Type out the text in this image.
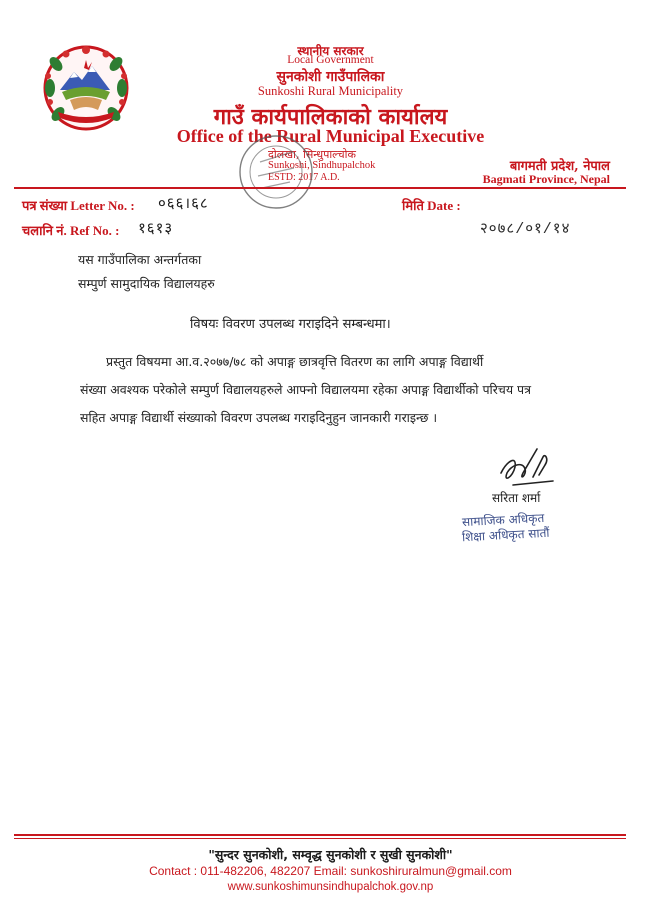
स्थानीय सरकार
Local Government
सुनकोशी गाउँपालिका
Sunkoshi Rural Municipality
गाउँ कार्यपालिकाको कार्यालय
Office of the Rural Municipal Executive
दोलखा, सिन्धुपाल्चोक
Sunkoshi, Sindhupalchok
ESTD: 2017 A.D.
बागमती प्रदेश, नेपाल
Bagmati Province, Nepal
पत्र संख्या Letter No. : ०६६।६८	मिति Date :
चलानि नं. Ref No. : १६१३	२०७८/०१/१४
यस गाउँपालिका अन्तर्गतका
सम्पुर्ण सामुदायिक विद्यालयहरु
विषयः विवरण उपलब्ध गराइदिने सम्बन्धमा।
प्रस्तुत विषयमा आ.व.२०७७/७८ को अपाङ्ग छात्रवृत्ति वितरण का लागि अपाङ्ग विद्यार्थी
संख्या अवश्यक परेकोले सम्पुर्ण विद्यालयहरुले आफ्नो विद्यालयमा रहेका अपाङ्ग विद्यार्थीको परिचय पत्र
सहित अपाङ्ग विद्यार्थी संख्याको विवरण उपलब्ध गराइदिनुहुन जानकारी गराइन्छ ।
सरिता शर्मा
सामाजिक अधिकृत
शिक्षा अधिकृत सातौं
"सुन्दर सुनकोशी, सम्वृद्ध सुनकोशी र सुखी सुनकोशी"
Contact : 011-482206, 482207 Email: sunkoshiruralmun@gmail.com
www.sunkoshimunsindhupalchok.gov.np
